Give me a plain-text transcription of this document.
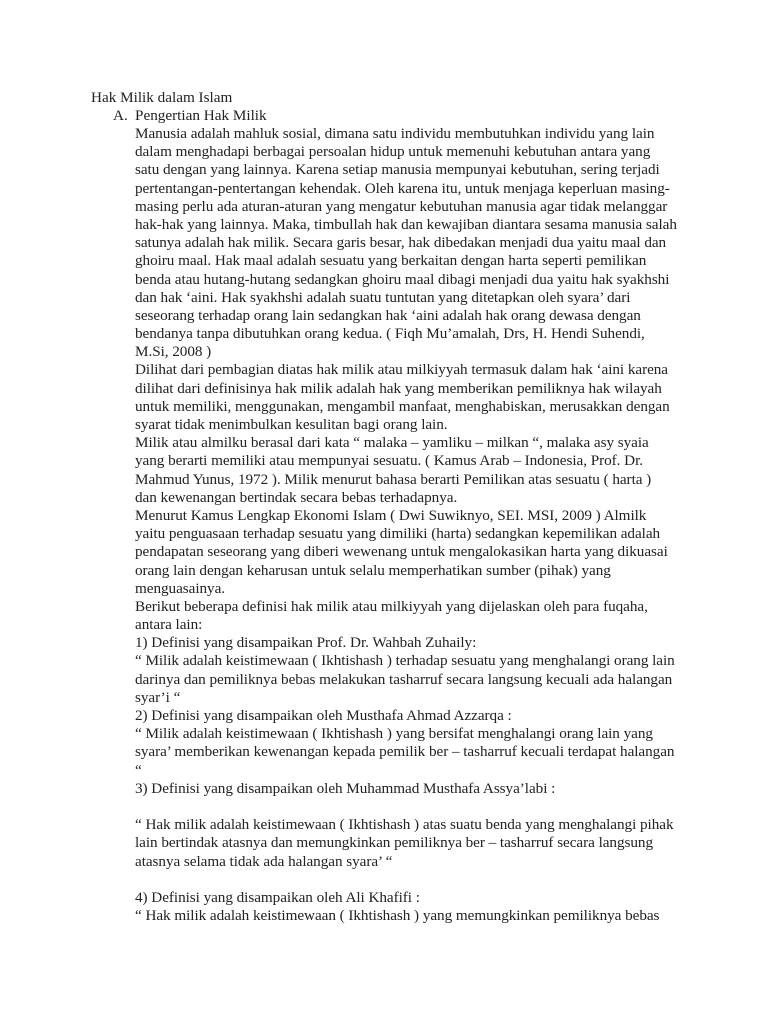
Hak Milik dalam Islam
A. Pengertian Hak Milik
Manusia adalah mahluk sosial, dimana satu individu membutuhkan individu yang lain
dalam menghadapi berbagai persoalan hidup untuk memenuhi kebutuhan antara yang
satu dengan yang lainnya. Karena setiap manusia mempunyai kebutuhan, sering terjadi
pertentangan-pentertangan kehendak. Oleh karena itu, untuk menjaga keperluan masing-
masing perlu ada aturan-aturan yang mengatur kebutuhan manusia agar tidak melanggar
hak-hak yang lainnya. Maka, timbullah hak dan kewajiban diantara sesama manusia salah
satunya adalah hak milik. Secara garis besar, hak dibedakan menjadi dua yaitu maal dan
ghoiru maal. Hak maal adalah sesuatu yang berkaitan dengan harta seperti pemilikan
benda atau hutang-hutang sedangkan ghoiru maal dibagi menjadi dua yaitu hak syakhshi
dan hak ‘aini. Hak syakhshi adalah suatu tuntutan yang ditetapkan oleh syara’ dari
seseorang terhadap orang lain sedangkan hak ‘aini adalah hak orang dewasa dengan
bendanya tanpa dibutuhkan orang kedua. ( Fiqh Mu’amalah, Drs, H. Hendi Suhendi,
M.Si, 2008 )
Dilihat dari pembagian diatas hak milik atau milkiyyah termasuk dalam hak ‘aini karena
dilihat dari definisinya hak milik adalah hak yang memberikan pemiliknya hak wilayah
untuk memiliki, menggunakan, mengambil manfaat, menghabiskan, merusakkan dengan
syarat tidak menimbulkan kesulitan bagi orang lain.
Milik atau almilku berasal dari kata “ malaka – yamliku – milkan “, malaka asy syaia
yang berarti memiliki atau mempunyai sesuatu. ( Kamus Arab – Indonesia, Prof. Dr.
Mahmud Yunus, 1972 ). Milik menurut bahasa berarti Pemilikan atas sesuatu ( harta )
dan kewenangan bertindak secara bebas terhadapnya.
Menurut Kamus Lengkap Ekonomi Islam ( Dwi Suwiknyo, SEI. MSI, 2009 ) Almilk
yaitu penguasaan terhadap sesuatu yang dimiliki (harta) sedangkan kepemilikan adalah
pendapatan seseorang yang diberi wewenang untuk mengalokasikan harta yang dikuasai
orang lain dengan keharusan untuk selalu memperhatikan sumber (pihak) yang
menguasainya.
Berikut beberapa definisi hak milik atau milkiyyah yang dijelaskan oleh para fuqaha,
antara lain:
1) Definisi yang disampaikan Prof. Dr. Wahbah Zuhaily:
“ Milik adalah keistimewaan ( Ikhtishash ) terhadap sesuatu yang menghalangi orang lain
darinya dan pemiliknya bebas melakukan tasharruf secara langsung kecuali ada halangan
syar’i “
2) Definisi yang disampaikan oleh Musthafa Ahmad Azzarqa :
“ Milik adalah keistimewaan ( Ikhtishash ) yang bersifat menghalangi orang lain yang
syara’ memberikan kewenangan kepada pemilik ber – tasharruf kecuali terdapat halangan
“
3) Definisi yang disampaikan oleh Muhammad Musthafa Assya’labi :
“ Hak milik adalah keistimewaan ( Ikhtishash ) atas suatu benda yang menghalangi pihak
lain bertindak atasnya dan memungkinkan pemiliknya ber – tasharruf secara langsung
atasnya selama tidak ada halangan syara’ “
4) Definisi yang disampaikan oleh Ali Khafifi :
“ Hak milik adalah keistimewaan ( Ikhtishash ) yang memungkinkan pemiliknya bebas
